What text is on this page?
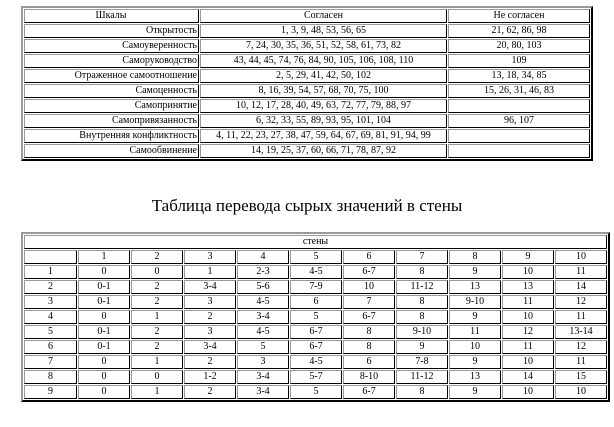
Шкалы	Согласен	Не согласен
Открытость	1, 3, 9, 48, 53, 56, 65	21, 62, 86, 98
Самоуверенность	7, 24, 30, 35, 36, 51, 52, 58, 61, 73, 82	20, 80, 103
Саморуководство	43, 44, 45, 74, 76, 84, 90, 105, 106, 108, 110	109
Отраженное самоотношение	2, 5, 29, 41, 42, 50, 102	13, 18, 34, 85
Самоценность	8, 16, 39, 54, 57, 68, 70, 75, 100	15, 26, 31, 46, 83
Самопринятие	10, 12, 17, 28, 40, 49, 63, 72, 77, 79, 88, 97	
Самопривязанность	6, 32, 33, 55, 89, 93, 95, 101, 104	96, 107
Внутренняя конфликтность	4, 11, 22, 23, 27, 38, 47, 59, 64, 67, 69, 81, 91, 94, 99	
Самообвинение	14, 19, 25, 37, 60, 66, 71, 78, 87, 92	
Таблица перевода сырых значений в стены
стены										
	1	2	3	4	5	6	7	8	9	10
1	0	0	1	2-3	4-5	6-7	8	9	10	11
2	0-1	2	3-4	5-6	7-9	10	11-12	13	13	14
3	0-1	2	3	4-5	6	7	8	9-10	11	12
4	0	1	2	3-4	5	6-7	8	9	10	11
5	0-1	2	3	4-5	6-7	8	9-10	11	12	13-14
6	0-1	2	3-4	5	6-7	8	9	10	11	12
7	0	1	2	3	4-5	6	7-8	9	10	11
8	0	0	1-2	3-4	5-7	8-10	11-12	13	14	15
9	0	1	2	3-4	5	6-7	8	9	10	10
